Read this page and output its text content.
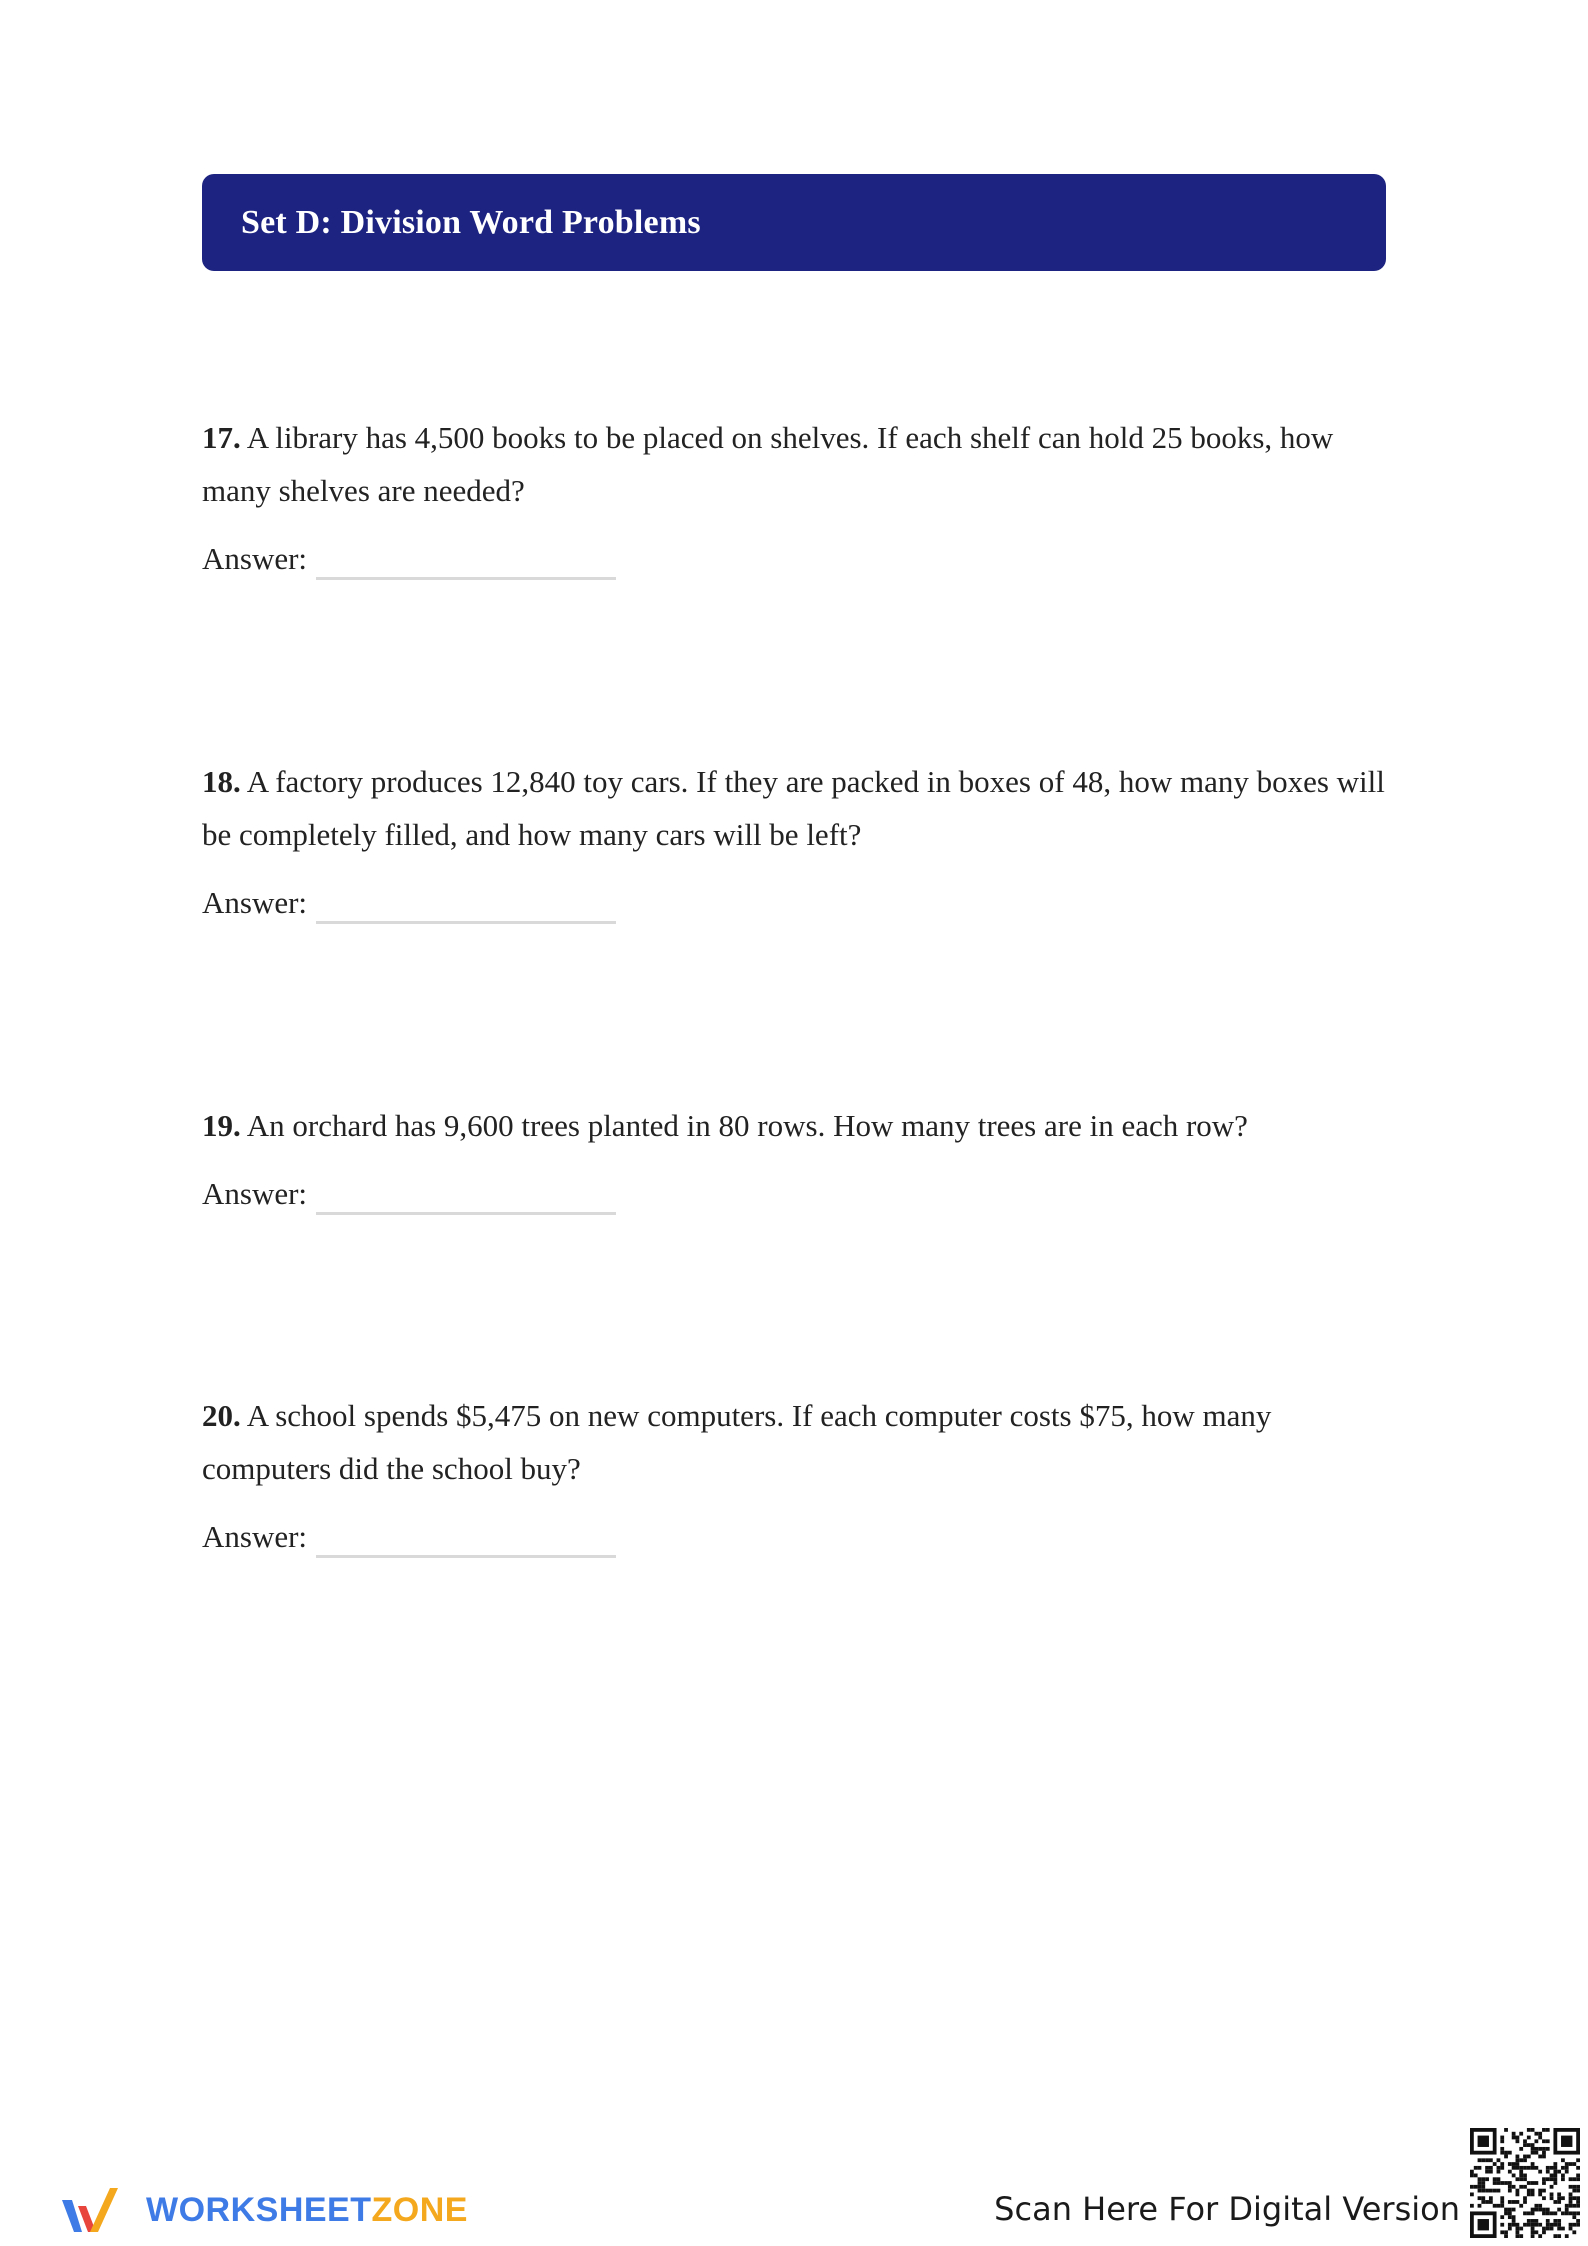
Set D: Division Word Problems

17. A library has 4,500 books to be placed on shelves. If each shelf can hold 25 books, how many shelves are needed?

Answer:

18. A factory produces 12,840 toy cars. If they are packed in boxes of 48, how many boxes will be completely filled, and how many cars will be left?

Answer:

19. An orchard has 9,600 trees planted in 80 rows. How many trees are in each row?

Answer:

20. A school spends $5,475 on new computers. If each computer costs $75, how many computers did the school buy?

Answer:
WORKSHEETZONE	Scan Here For Digital Version
